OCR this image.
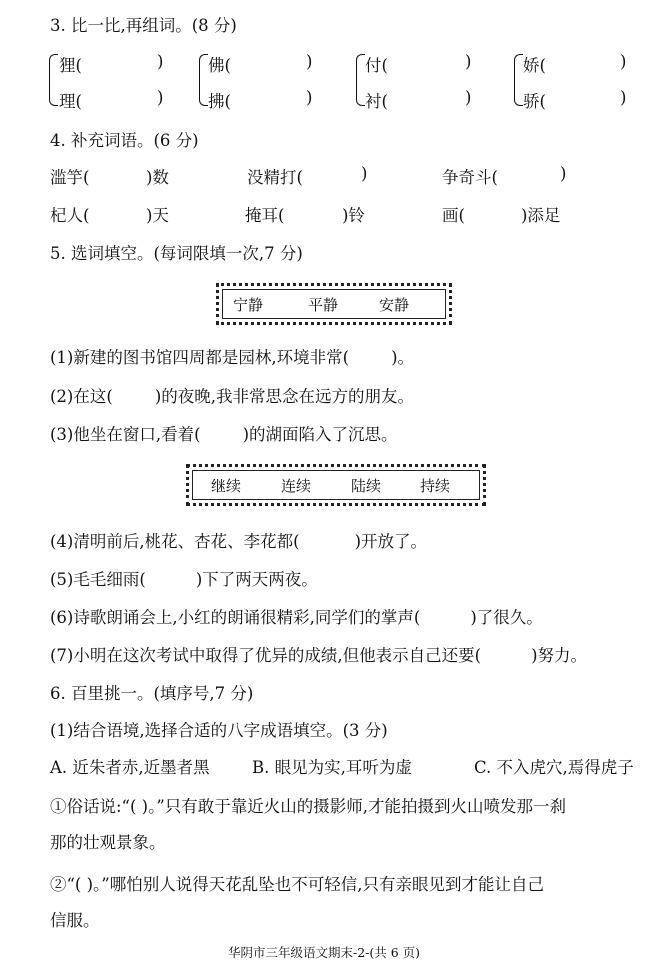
3. 比一比,再组词。(8 分)
狸(	)
理(	)
佛(	)
拂(	)
付(	)
衬(	)
娇(	)
骄(	)
4. 补充词语。(6 分)
滥竽(	)数	没精打(	)	争奇斗(	)
杞人(	)天	掩耳(	)铃	画(	)添足
5. 选词填空。(每词限填一次,7 分)
宁静	平静	安静
(1)新建的图书馆四周都是园林,环境非常(	)。
(2)在这(	)的夜晚,我非常思念在远方的朋友。
(3)他坐在窗口,看着(	)的湖面陷入了沉思。
继续	连续	陆续	持续
(4)清明前后,桃花、杏花、李花都(	)开放了。
(5)毛毛细雨(	)下了两天两夜。
(6)诗歌朗诵会上,小红的朗诵很精彩,同学们的掌声(	)了很久。
(7)小明在这次考试中取得了优异的成绩,但他表示自己还要(	)努力。
6. 百里挑一。(填序号,7 分)
(1)结合语境,选择合适的八字成语填空。(3 分)
A. 近朱者赤,近墨者黑	B. 眼见为实,耳听为虚	C. 不入虎穴,焉得虎子
①俗话说:“( )。”只有敢于靠近火山的摄影师,才能拍摄到火山喷发那一刹
那的壮观景象。
②“( )。”哪怕别人说得天花乱坠也不可轻信,只有亲眼见到才能让自己
信服。
华阴市三年级语文期末-2-(共 6 页)
